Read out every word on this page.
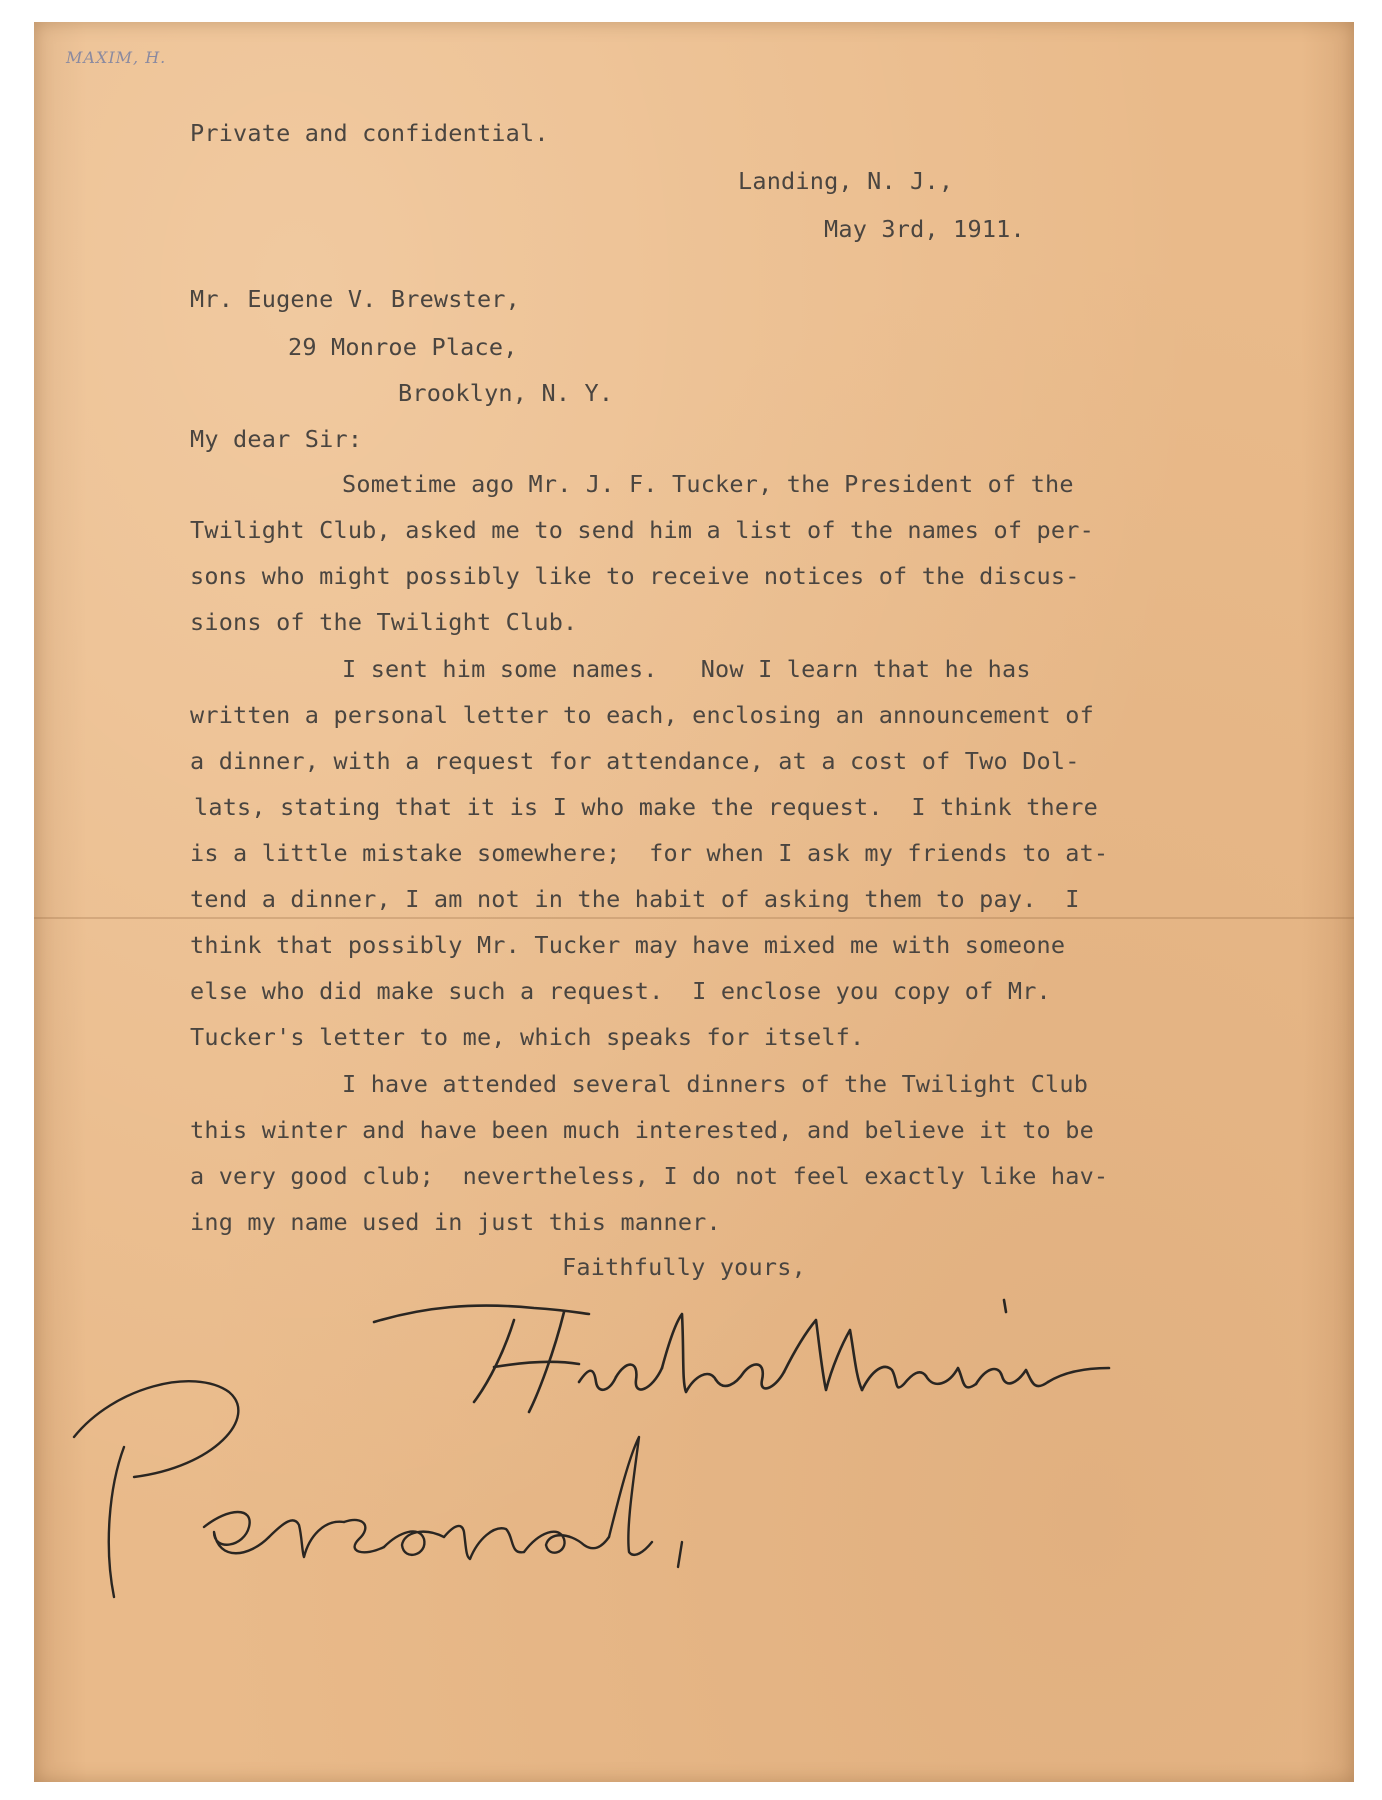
MAXIM, H.
Private and confidential.
Landing, N. J.,
May 3rd, 1911.
Mr. Eugene V. Brewster,
29 Monroe Place,
Brooklyn, N. Y.
My dear Sir:
Sometime ago Mr. J. F. Tucker, the President of the
Twilight Club, asked me to send him a list of the names of per-
sons who might possibly like to receive notices of the discus-
sions of the Twilight Club.
I sent him some names.   Now I learn that he has
written a personal letter to each, enclosing an announcement of
a dinner, with a request for attendance, at a cost of Two Dol-
lats, stating that it is I who make the request.  I think there
is a little mistake somewhere;  for when I ask my friends to at-
tend a dinner, I am not in the habit of asking them to pay.  I
think that possibly Mr. Tucker may have mixed me with someone
else who did make such a request.  I enclose you copy of Mr.
Tucker's letter to me, which speaks for itself.
I have attended several dinners of the Twilight Club
this winter and have been much interested, and believe it to be
a very good club;  nevertheless, I do not feel exactly like hav-
ing my name used in just this manner.
Faithfully yours,
